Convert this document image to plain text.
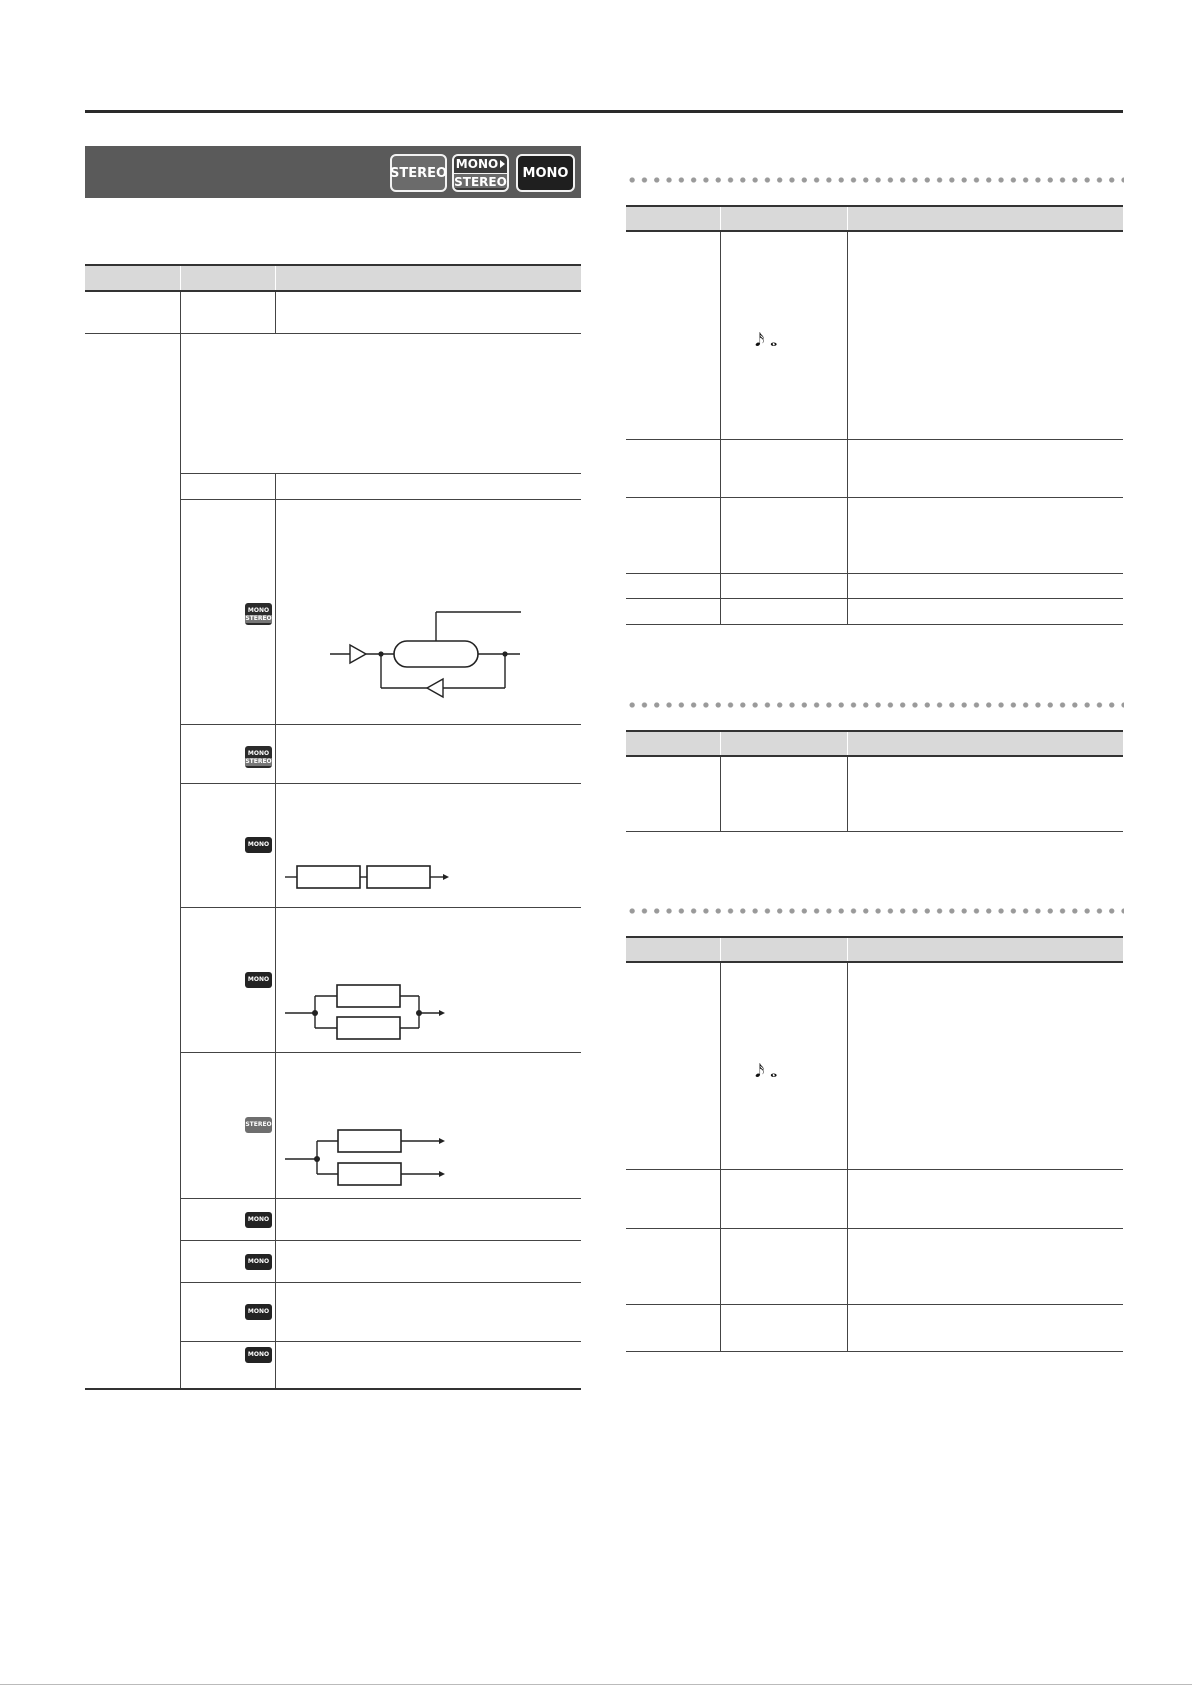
STEREO
MONO
STEREO
MONO
MONO
STEREO
MONO
STEREO
MONO
MONO
STEREO
MONO
MONO
MONO
MONO
𝅘𝅥𝅯 𝅝
𝅘𝅥𝅯 𝅝
